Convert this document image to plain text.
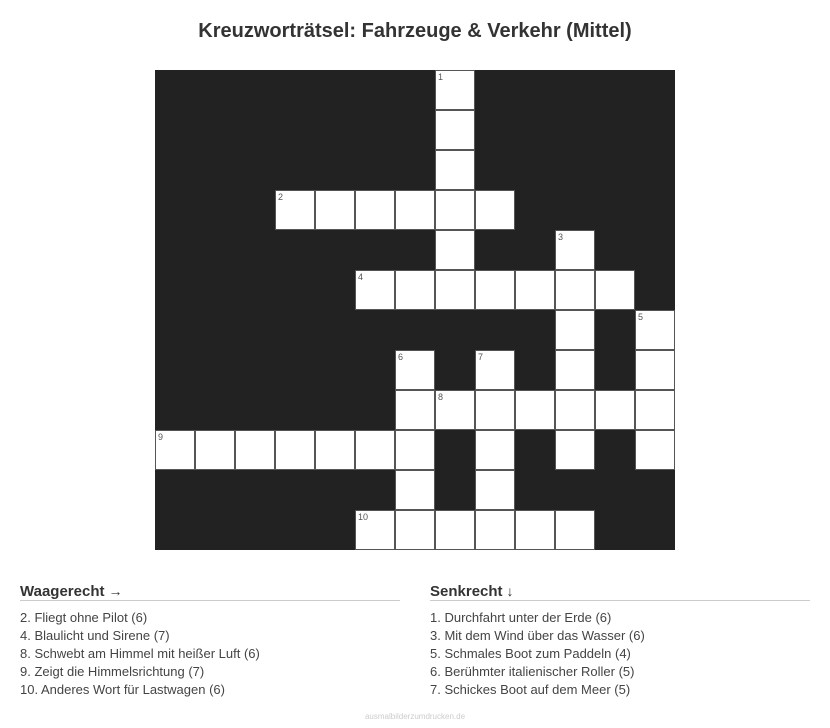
Kreuzworträtsel: Fahrzeuge & Verkehr (Mittel)
1
2
3
4
5
6	7
8
9
10
Waagerecht →
2. Fliegt ohne Pilot (6)
4. Blaulicht und Sirene (7)
8. Schwebt am Himmel mit heißer Luft (6)
9. Zeigt die Himmelsrichtung (7)
10. Anderes Wort für Lastwagen (6)
Senkrecht ↓
1. Durchfahrt unter der Erde (6)
3. Mit dem Wind über das Wasser (6)
5. Schmales Boot zum Paddeln (4)
6. Berühmter italienischer Roller (5)
7. Schickes Boot auf dem Meer (5)
ausmalbilderzumdrucken.de
